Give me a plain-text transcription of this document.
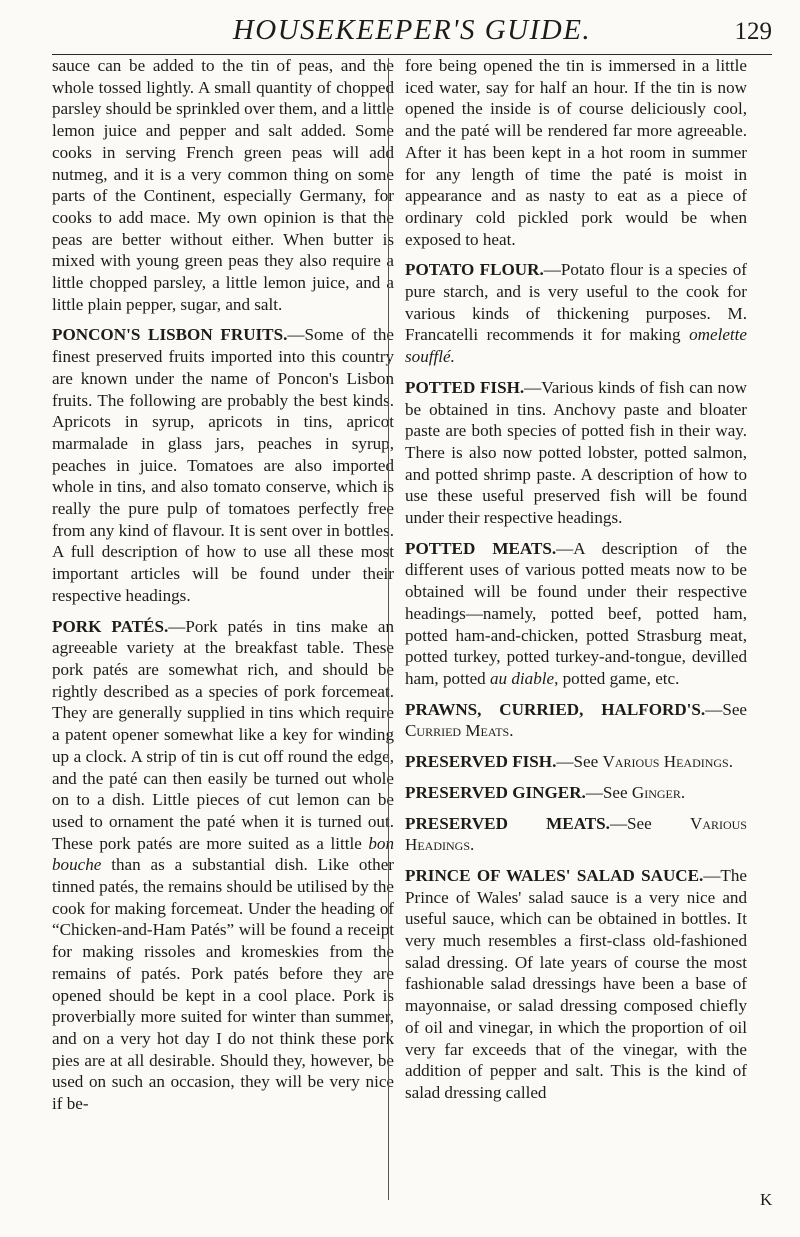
HOUSEKEEPER'S GUIDE.	129

sauce can be added to the tin of peas, and the whole tossed lightly. A small quantity of chopped parsley should be sprinkled over them, and a little lemon juice and pepper and salt added. Some cooks in serving French green peas will add nutmeg, and it is a very common thing on some parts of the Continent, especially Germany, for cooks to add mace. My own opinion is that the peas are better without either. When butter is mixed with young green peas they also require a little chopped parsley, a little lemon juice, and a little plain pepper, sugar, and salt.

PONCON'S LISBON FRUITS.—Some of the finest preserved fruits imported into this country are known under the name of Poncon's Lisbon fruits. The following are probably the best kinds. Apricots in syrup, apricots in tins, apricot marmalade in glass jars, peaches in syrup, peaches in juice. Tomatoes are also imported whole in tins, and also tomato conserve, which is really the pure pulp of tomatoes perfectly free from any kind of flavour. It is sent over in bottles. A full description of how to use all these most important articles will be found under their respective headings.

PORK PATÉS.—Pork patés in tins make an agreeable variety at the breakfast table. These pork patés are somewhat rich, and should be rightly described as a species of pork forcemeat. They are generally supplied in tins which require a patent opener somewhat like a key for winding up a clock. A strip of tin is cut off round the edge, and the paté can then easily be turned out whole on to a dish. Little pieces of cut lemon can be used to ornament the paté when it is turned out. These pork patés are more suited as a little bon bouche than as a substantial dish. Like other tinned patés, the remains should be utilised by the cook for making forcemeat. Under the heading of “Chicken-and-Ham Patés” will be found a receipt for making rissoles and kromeskies from the remains of patés. Pork patés before they are opened should be kept in a cool place. Pork is proverbially more suited for winter than summer, and on a very hot day I do not think these pork pies are at all desirable. Should they, however, be used on such an occasion, they will be very nice if be-

fore being opened the tin is immersed in a little iced water, say for half an hour. If the tin is now opened the inside is of course deliciously cool, and the paté will be rendered far more agreeable. After it has been kept in a hot room in summer for any length of time the paté is moist in appearance and as nasty to eat as a piece of ordinary cold pickled pork would be when exposed to heat.

POTATO FLOUR.—Potato flour is a species of pure starch, and is very useful to the cook for various kinds of thickening purposes. M. Francatelli recommends it for making omelette soufflé.

POTTED FISH.—Various kinds of fish can now be obtained in tins. Anchovy paste and bloater paste are both species of potted fish in their way. There is also now potted lobster, potted salmon, and potted shrimp paste. A description of how to use these useful preserved fish will be found under their respective headings.

POTTED MEATS.—A description of the different uses of various potted meats now to be obtained will be found under their respective headings—namely, potted beef, potted ham, potted ham-and-chicken, potted Strasburg meat, potted turkey, potted turkey-and-tongue, devilled ham, potted au diable, potted game, etc.

PRAWNS, CURRIED, HALFORD'S.—See Curried Meats.

PRESERVED FISH.—See Various Headings.

PRESERVED GINGER.—See Ginger.

PRESERVED MEATS.—See Various Headings.

PRINCE OF WALES' SALAD SAUCE.—The Prince of Wales' salad sauce is a very nice and useful sauce, which can be obtained in bottles. It very much resembles a first-class old-fashioned salad dressing. Of late years of course the most fashionable salad dressings have been a base of mayonnaise, or salad dressing composed chiefly of oil and vinegar, in which the proportion of oil very far exceeds that of the vinegar, with the addition of pepper and salt. This is the kind of salad dressing called

K
